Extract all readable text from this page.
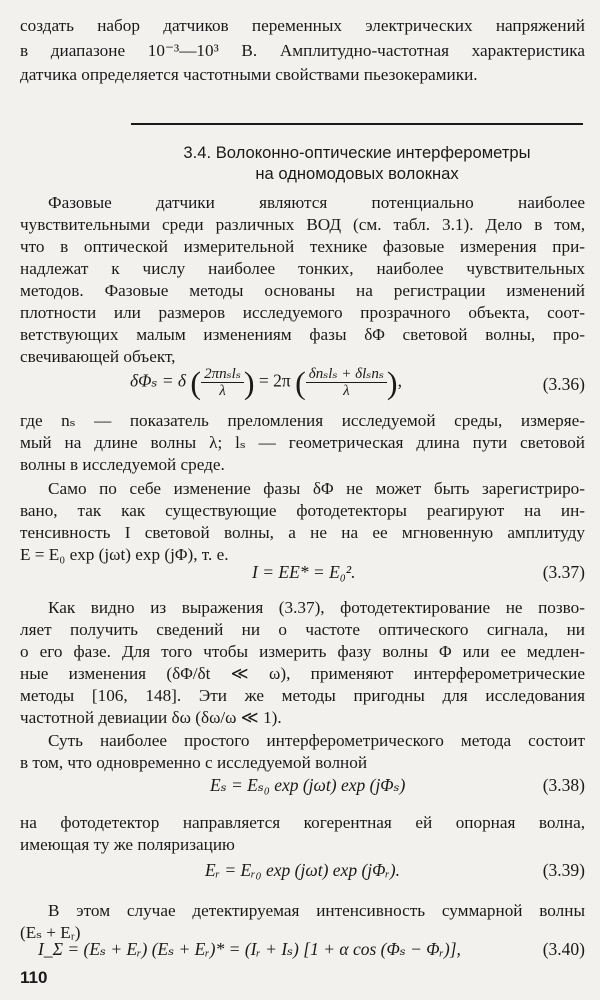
создать набор датчиков переменных электрических напряжений
в диапазоне 10⁻³—10³ В. Амплитудно-частотная характеристика
датчика определяется частотными свойствами пьезокерамики.
3.4. Волоконно-оптические интерферометры
на одномодовых волокнах
Фазовые датчики являются потенциально наиболее
чувствительными среди различных ВОД (см. табл. 3.1). Дело в том,
что в оптической измерительной технике фазовые измерения при-
надлежат к числу наиболее тонких, наиболее чувствительных
методов. Фазовые методы основаны на регистрации изменений
плотности или размеров исследуемого прозрачного объекта, соот-
ветствующих малым изменениям фазы δΦ световой волны, про-
свечивающей объект,
δΦₛ = δ ( $\frac{\text{2πnₛlₛ}}{\lambda}$ ) = 2π ( $\frac{\text{δnₛlₛ + δlₛnₛ}}{\lambda}$ ),	(3.36)
где nₛ — показатель преломления исследуемой среды, измеряе-
мый на длине волны λ; lₛ — геометрическая длина пути световой
волны в исследуемой среде.
Само по себе изменение фазы δΦ не может быть зарегистриро-
вано, так как существующие фотодетекторы реагируют на ин-
тенсивность I световой волны, а не на ее мгновенную амплитуду
E = E₀ exp (jωt) exp (jΦ), т. е.
I = EE* = E₀².	(3.37)
Как видно из выражения (3.37), фотодетектирование не позво-
ляет получить сведений ни о частоте оптического сигнала, ни
о его фазе. Для того чтобы измерить фазу волны Φ или ее медлен-
ные изменения (δΦ/δt ≪ ω), применяют интерферометрические
методы [106, 148]. Эти же методы пригодны для исследования
частотной девиации δω (δω/ω ≪ 1).
Суть наиболее простого интерферометрического метода состоит
в том, что одновременно с исследуемой волной
Eₛ = Eₛ₀ exp (jωt) exp (jΦₛ)	(3.38)
на фотодетектор направляется когерентная ей опорная волна,
имеющая ту же поляризацию
Eᵣ = Eᵣ₀ exp (jωt) exp (jΦᵣ).	(3.39)
В этом случае детектируемая интенсивность суммарной волны
(Eₛ + Eᵣ)
I_Σ = (Eₛ + Eᵣ) (Eₛ + Eᵣ)* = (Iᵣ + Iₛ) [1 + α cos (Φₛ − Φᵣ)],	(3.40)
110
